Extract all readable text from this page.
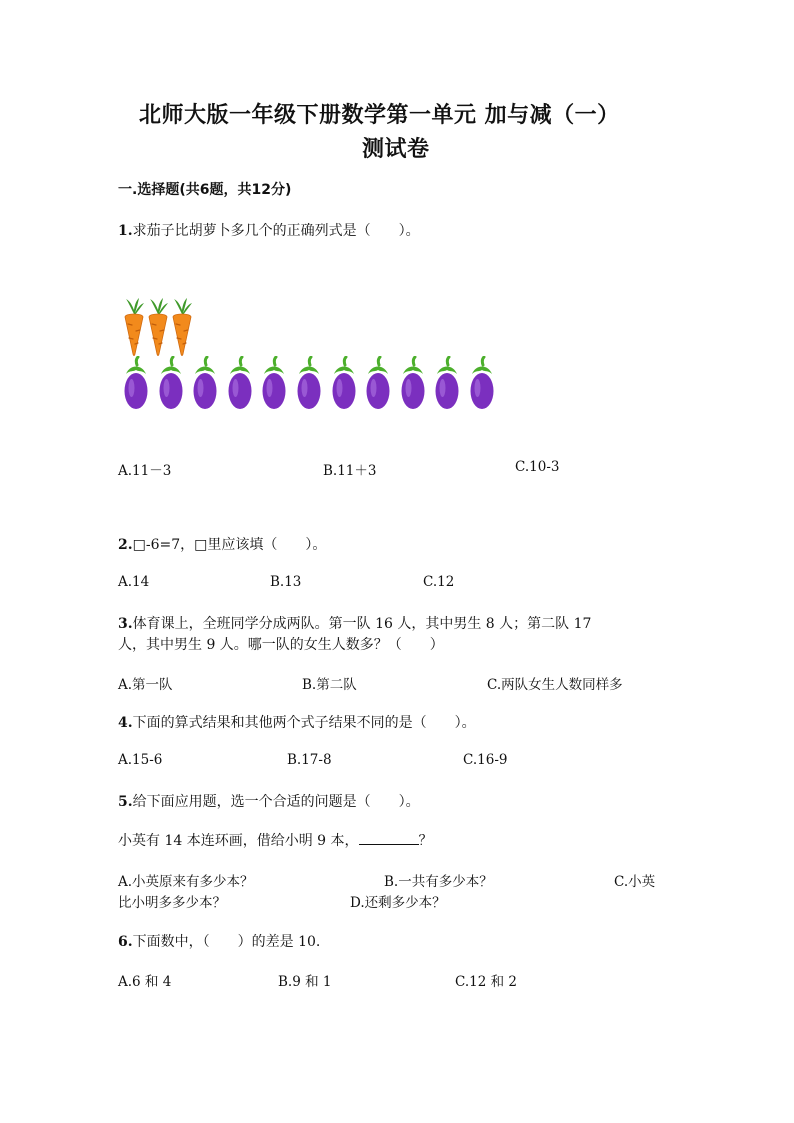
北师大版一年级下册数学第一单元 加与减（一）
测试卷
一.选择题(共6题，共12分)
1.求茄子比胡萝卜多几个的正确列式是（　　）。
A.11－3	B.11＋3	C.10-3
2.□-6=7，□里应该填（　　）。
A.14	B.13	C.12
3.体育课上，全班同学分成两队。第一队 16 人，其中男生 8 人；第二队 17
人，其中男生 9 人。哪一队的女生人数多？（　　）
A.第一队	B.第二队	C.两队女生人数同样多
4.下面的算式结果和其他两个式子结果不同的是（　　）。
A.15-6	B.17-8	C.16-9
5.给下面应用题，选一个合适的问题是（　　）。
小英有 14 本连环画，借给小明 9 本，	？
A.小英原来有多少本？	B.一共有多少本？	C.小英
比小明多多少本？	D.还剩多少本？
6.下面数中，（　　）的差是 10.
A.6 和 4	B.9 和 1	C.12 和 2
